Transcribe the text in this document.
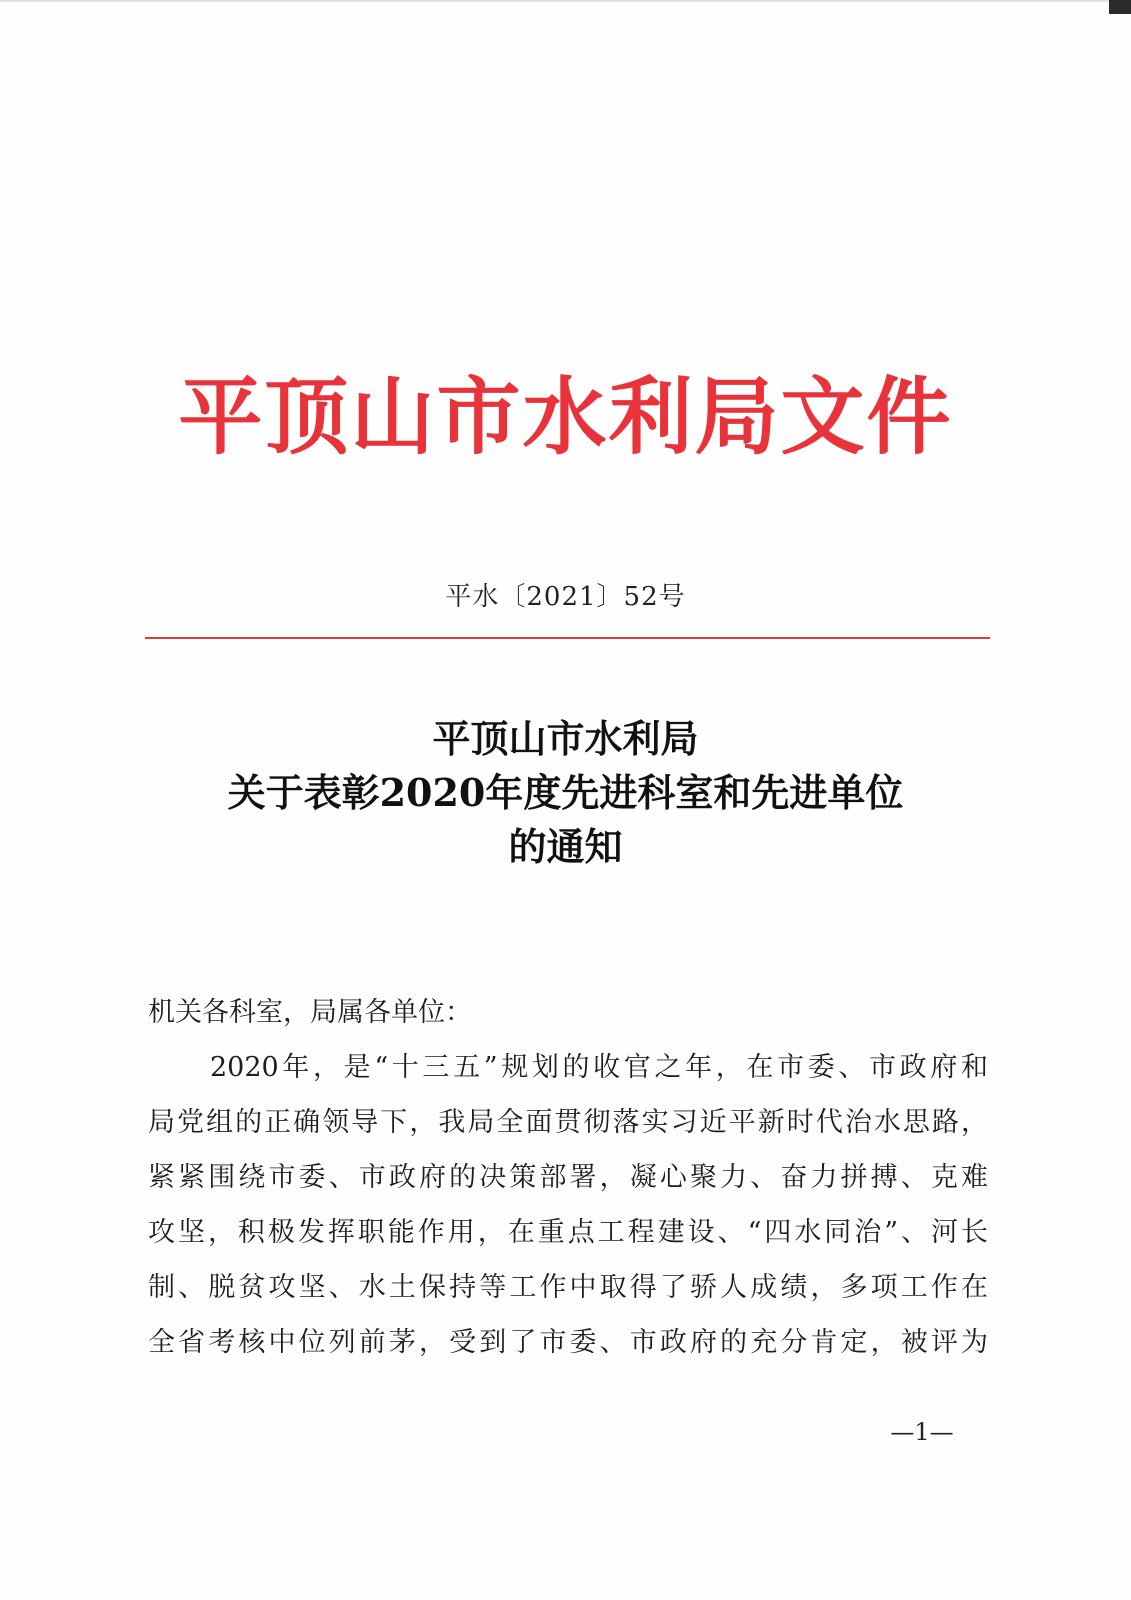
平顶山市水利局文件
平水〔2021〕52号
平顶山市水利局
关于表彰2020年度先进科室和先进单位
的通知
机关各科室，局属各单位：
2020年，是“十三五”规划的收官之年，在市委、市政府和
局党组的正确领导下，我局全面贯彻落实习近平新时代治水思路，
紧紧围绕市委、市政府的决策部署，凝心聚力、奋力拼搏、克难
攻坚，积极发挥职能作用，在重点工程建设、“四水同治”、河长
制、脱贫攻坚、水土保持等工作中取得了骄人成绩，多项工作在
全省考核中位列前茅，受到了市委、市政府的充分肯定，被评为
—1—
